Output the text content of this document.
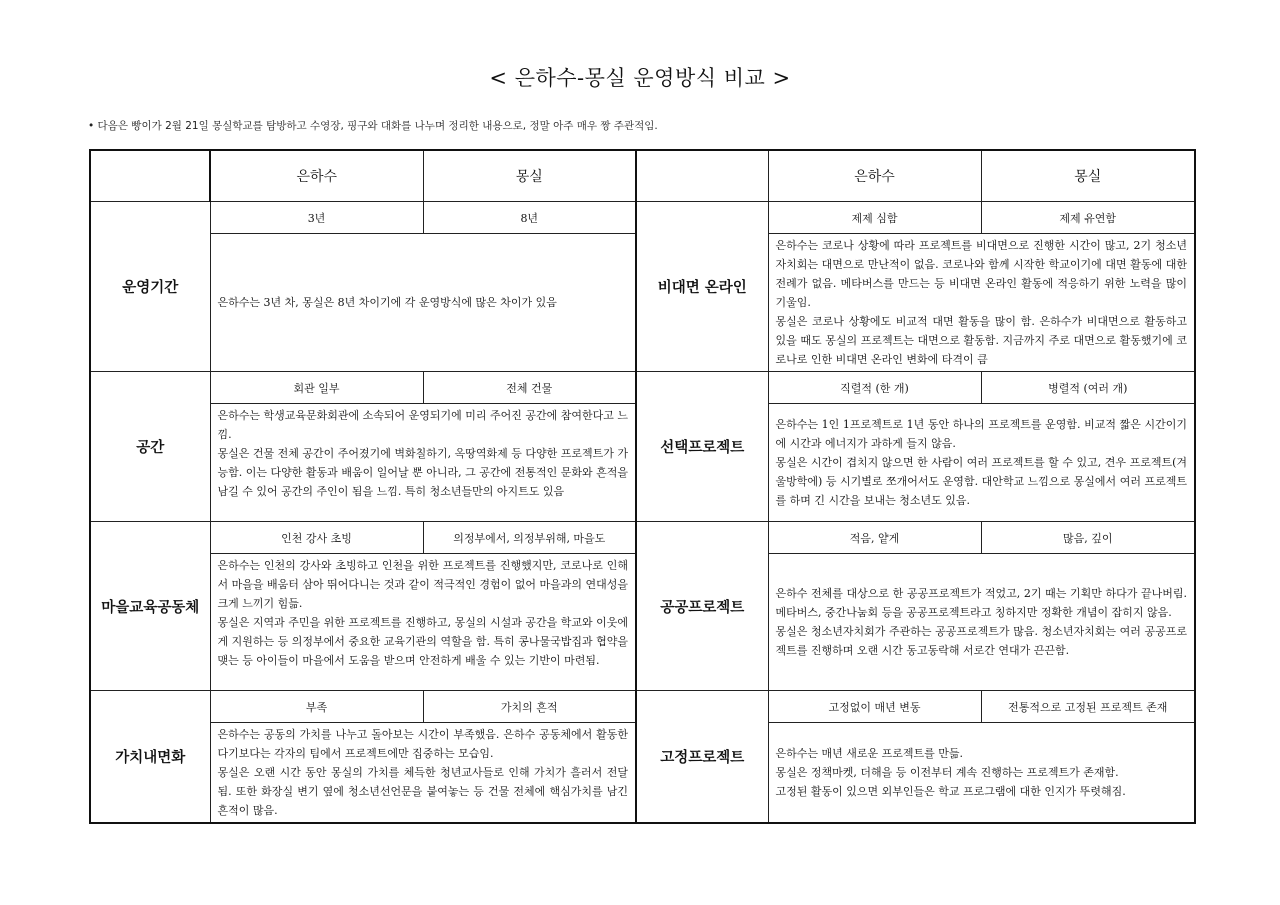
< 은하수-몽실 운영방식 비교 >
• 다음은 빵이가 2월 21일 몽실학교를 탐방하고 수영장, 핑구와 대화를 나누며 정리한 내용으로, 정말 아주 매우 짱 주관적임.
	은하수	몽실		은하수	몽실
운영기간	3년	8년	비대면 온라인	제제 심함	제제 유연함
	은하수는 3년 차, 몽실은 8년 차이기에 각 운영방식에 많은 차이가 있음			은하수는 코로나 상황에 따라 프로젝트를 비대면으로 진행한 시간이 많고, 2기 청소년자치회는 대면으로 만난적이 없음. 코로나와 함께 시작한 학교이기에 대면 활동에 대한 전례가 없음. 메타버스를 만드는 등 비대면 온라인 활동에 적응하기 위한 노력을 많이 기울임.
몽실은 코로나 상황에도 비교적 대면 활동을 많이 함. 은하수가 비대면으로 활동하고 있을 때도 몽실의 프로젝트는 대면으로 활동함. 지금까지 주로 대면으로 활동했기에 코로나로 인한 비대면 온라인 변화에 타격이 큼	
공간	회관 일부	전체 건물	선택프로젝트	직렬적 (한 개)	병렬적 (여러 개)
	은하수는 학생교육문화회관에 소속되어 운영되기에 미리 주어진 공간에 참여한다고 느낌.
몽실은 건물 전체 공간이 주어졌기에 벽화칠하기, 옥땅역화제 등 다양한 프로젝트가 가능함. 이는 다양한 활동과 배움이 일어날 뿐 아니라, 그 공간에 전통적인 문화와 흔적을 남길 수 있어 공간의 주인이 됨을 느낌. 특히 청소년들만의 아지트도 있음			은하수는 1인 1프로젝트로 1년 동안 하나의 프로젝트를 운영함. 비교적 짧은 시간이기에 시간과 에너지가 과하게 들지 않음.
몽실은 시간이 겹치지 않으면 한 사람이 여러 프로젝트를 할 수 있고, 견우 프로젝트(겨울방학에) 등 시기별로 쪼개어서도 운영함. 대안학교 느낌으로 몽실에서 여러 프로젝트를 하며 긴 시간을 보내는 청소년도 있음.	
마을교육공동체	인천 강사 초빙	의정부에서, 의정부위해, 마을도	공공프로젝트	적음, 얕게	많음, 깊이
	은하수는 인천의 강사와 초빙하고 인천을 위한 프로젝트를 진행했지만, 코로나로 인해서 마을을 배움터 삼아 뛰어다니는 것과 같이 적극적인 경험이 없어 마을과의 연대성을 크게 느끼기 힘듦.
몽실은 지역과 주민을 위한 프로젝트를 진행하고, 몽실의 시설과 공간을 학교와 이웃에게 지원하는 등 의정부에서 중요한 교육기관의 역할을 함. 특히 콩나물국밥집과 협약을 맺는 등 아이들이 마을에서 도움을 받으며 안전하게 배울 수 있는 기반이 마련됨.			은하수 전체를 대상으로 한 공공프로젝트가 적었고, 2기 때는 기획만 하다가 끝나버림. 메타버스, 중간나눔회 등을 공공프로젝트라고 칭하지만 정확한 개념이 잡히지 않음.
몽실은 청소년자치회가 주관하는 공공프로젝트가 많음. 청소년자치회는 여러 공공프로젝트를 진행하며 오랜 시간 동고동락해 서로간 연대가 끈끈함.	
가치내면화	부족	가치의 흔적	고정프로젝트	고정없이 매년 변동	전통적으로 고정된 프로젝트 존재
	은하수는 공동의 가치를 나누고 돌아보는 시간이 부족했음. 은하수 공동체에서 활동한다기보다는 각자의 팀에서 프로젝트에만 집중하는 모습임.
몽실은 오랜 시간 동안 몽실의 가치를 체득한 청년교사들로 인해 가치가 흘러서 전달됨. 또한 화장실 변기 옆에 청소년선언문을 붙여놓는 등 건물 전체에 핵심가치를 남긴 흔적이 많음.			은하수는 매년 새로운 프로젝트를 만듦.
몽실은 정책마켓, 더해을 등 이전부터 계속 진행하는 프로젝트가 존재함.
고정된 활동이 있으면 외부인들은 학교 프로그램에 대한 인지가 뚜렷해짐.	
